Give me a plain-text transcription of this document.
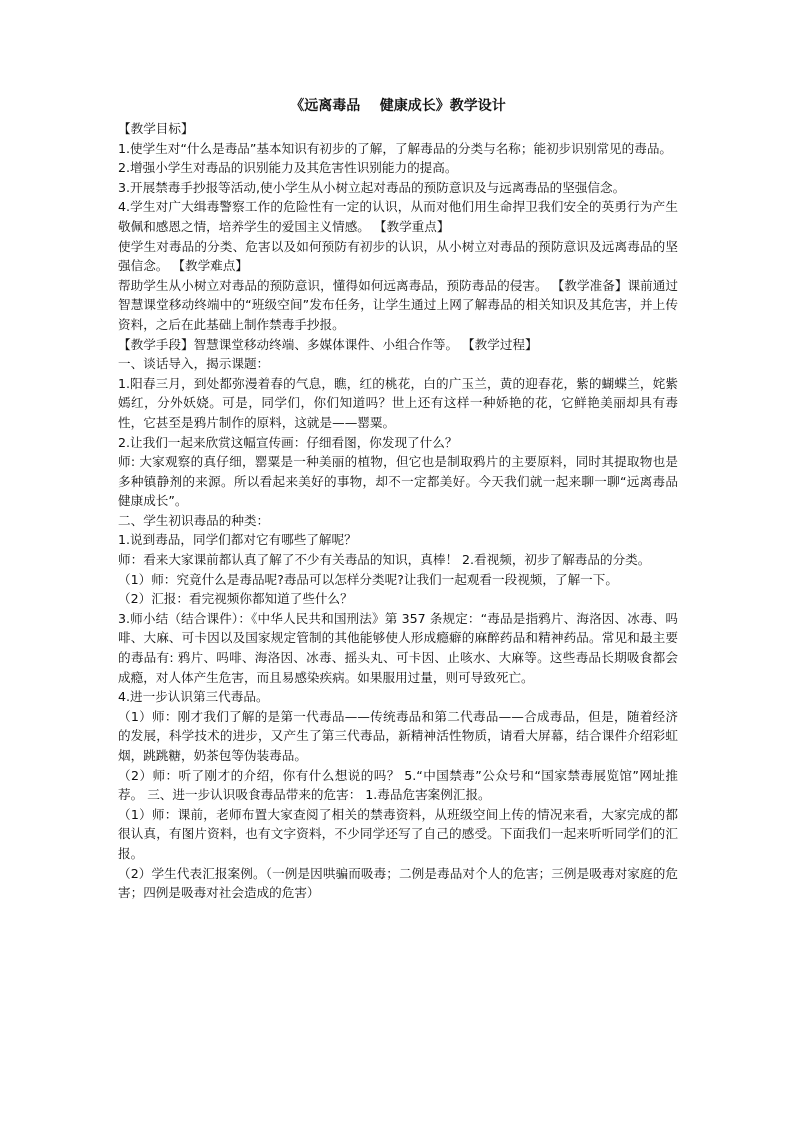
《远离毒品    健康成长》教学设计

【教学目标】

1.使学生对“什么是毒品”基本知识有初步的了解，了解毒品的分类与名称；能初步识别常见的毒品。

2.增强小学生对毒品的识别能力及其危害性识别能力的提高。

3.开展禁毒手抄报等活动,使小学生从小树立起对毒品的预防意识及与远离毒品的坚强信念。

4.学生对广大缉毒警察工作的危险性有一定的认识，从而对他们用生命捍卫我们安全的英勇行为产生敬佩和感恩之情，培养学生的爱国主义情感。 【教学重点】

使学生对毒品的分类、危害以及如何预防有初步的认识，从小树立对毒品的预防意识及远离毒品的坚强信念。 【教学难点】

帮助学生从小树立对毒品的预防意识，懂得如何远离毒品，预防毒品的侵害。 【教学准备】课前通过智慧课堂移动终端中的“班级空间”发布任务，让学生通过上网了解毒品的相关知识及其危害，并上传资料，之后在此基础上制作禁毒手抄报。

【教学手段】智慧课堂移动终端、多媒体课件、小组合作等。 【教学过程】

一、谈话导入，揭示课题：

1.阳春三月，到处都弥漫着春的气息，瞧，红的桃花，白的广玉兰，黄的迎春花，紫的蝴蝶兰，姹紫嫣红，分外妖娆。可是，同学们，你们知道吗？世上还有这样一种娇艳的花，它鲜艳美丽却具有毒性，它甚至是鸦片制作的原料，这就是——罂粟。

2.让我们一起来欣赏这幅宣传画：仔细看图，你发现了什么？

师: 大家观察的真仔细，罂粟是一种美丽的植物，但它也是制取鸦片的主要原料，同时其提取物也是多种镇静剂的来源。所以看起来美好的事物，却不一定都美好。今天我们就一起来聊一聊“远离毒品 健康成长”。

二、学生初识毒品的种类：

1.说到毒品，同学们都对它有哪些了解呢？

师：看来大家课前都认真了解了不少有关毒品的知识，真棒！ 2.看视频，初步了解毒品的分类。

（1）师：究竟什么是毒品呢?毒品可以怎样分类呢?让我们一起观看一段视频，了解一下。

（2）汇报：看完视频你都知道了些什么？

3.师小结（结合课件）：《中华人民共和国刑法》第 357 条规定：“毒品是指鸦片、海洛因、冰毒、吗啡、大麻、可卡因以及国家规定管制的其他能够使人形成瘾癖的麻醉药品和精神药品。常见和最主要的毒品有: 鸦片、吗啡、海洛因、冰毒、摇头丸、可卡因、止咳水、大麻等。这些毒品长期吸食都会成瘾，对人体产生危害，而且易感染疾病。如果服用过量，则可导致死亡。

4.进一步认识第三代毒品。

（1）师：刚才我们了解的是第一代毒品——传统毒品和第二代毒品——合成毒品，但是，随着经济的发展，科学技术的进步，又产生了第三代毒品，新精神活性物质，请看大屏幕，结合课件介绍彩虹烟，跳跳糖，奶茶包等伪装毒品。

（2）师：听了刚才的介绍，你有什么想说的吗？ 5.“中国禁毒”公众号和“国家禁毒展览馆”网址推荐。 三、进一步认识吸食毒品带来的危害： 1.毒品危害案例汇报。

（1）师：课前，老师布置大家查阅了相关的禁毒资料，从班级空间上传的情况来看，大家完成的都很认真，有图片资料，也有文字资料，不少同学还写了自己的感受。下面我们一起来听听同学们的汇报。

（2）学生代表汇报案例。（一例是因哄骗而吸毒；二例是毒品对个人的危害；三例是吸毒对家庭的危害；四例是吸毒对社会造成的危害）
